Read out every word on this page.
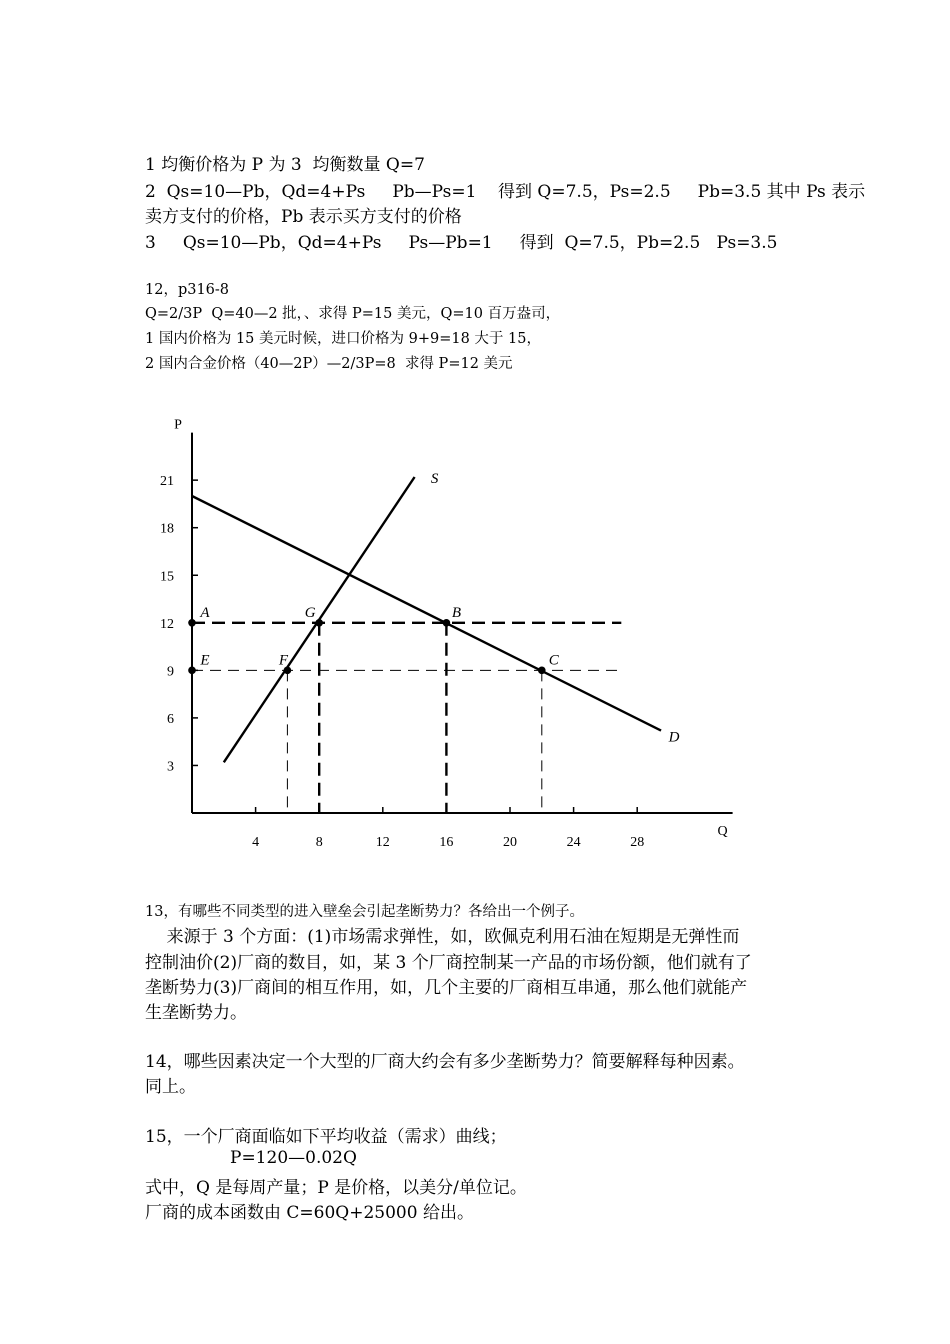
1 均衡价格为 P 为 3  均衡数量 Q=7
2  Qs=10—Pb，Qd=4+Ps     Pb—Ps=1    得到 Q=7.5，Ps=2.5     Pb=3.5 其中 Ps 表示
卖方支付的价格，Pb 表示买方支付的价格
3     Qs=10—Pb，Qd=4+Ps     Ps—Pb=1     得到  Q=7.5，Pb=2.5   Ps=3.5
12，p316-8
Q=2/3P  Q=40—2 批，、求得 P=15 美元，Q=10 百万盎司，
1 国内价格为 15 美元时候，进口价格为 9+9=18 大于 15，
2 国内合金价格（40—2P）—2/3P=8  求得 P=12 美元
P
Q
4	8	12	16	20	24	28
3
6
9
12
15
18
21	S
D
A	G	B
E	F	C
13，有哪些不同类型的进入壁垒会引起垄断势力？各给出一个例子。
来源于 3 个方面：(1)市场需求弹性，如，欧佩克利用石油在短期是无弹性而
控制油价(2)厂商的数目，如，某 3 个厂商控制某一产品的市场份额，他们就有了
垄断势力(3)厂商间的相互作用，如，几个主要的厂商相互串通，那么他们就能产
生垄断势力。
14，哪些因素决定一个大型的厂商大约会有多少垄断势力？简要解释每种因素。
同上。
15，一个厂商面临如下平均收益（需求）曲线；
P=120—0.02Q
式中，Q 是每周产量；P 是价格，以美分/单位记。
厂商的成本函数由 C=60Q+25000 给出。
